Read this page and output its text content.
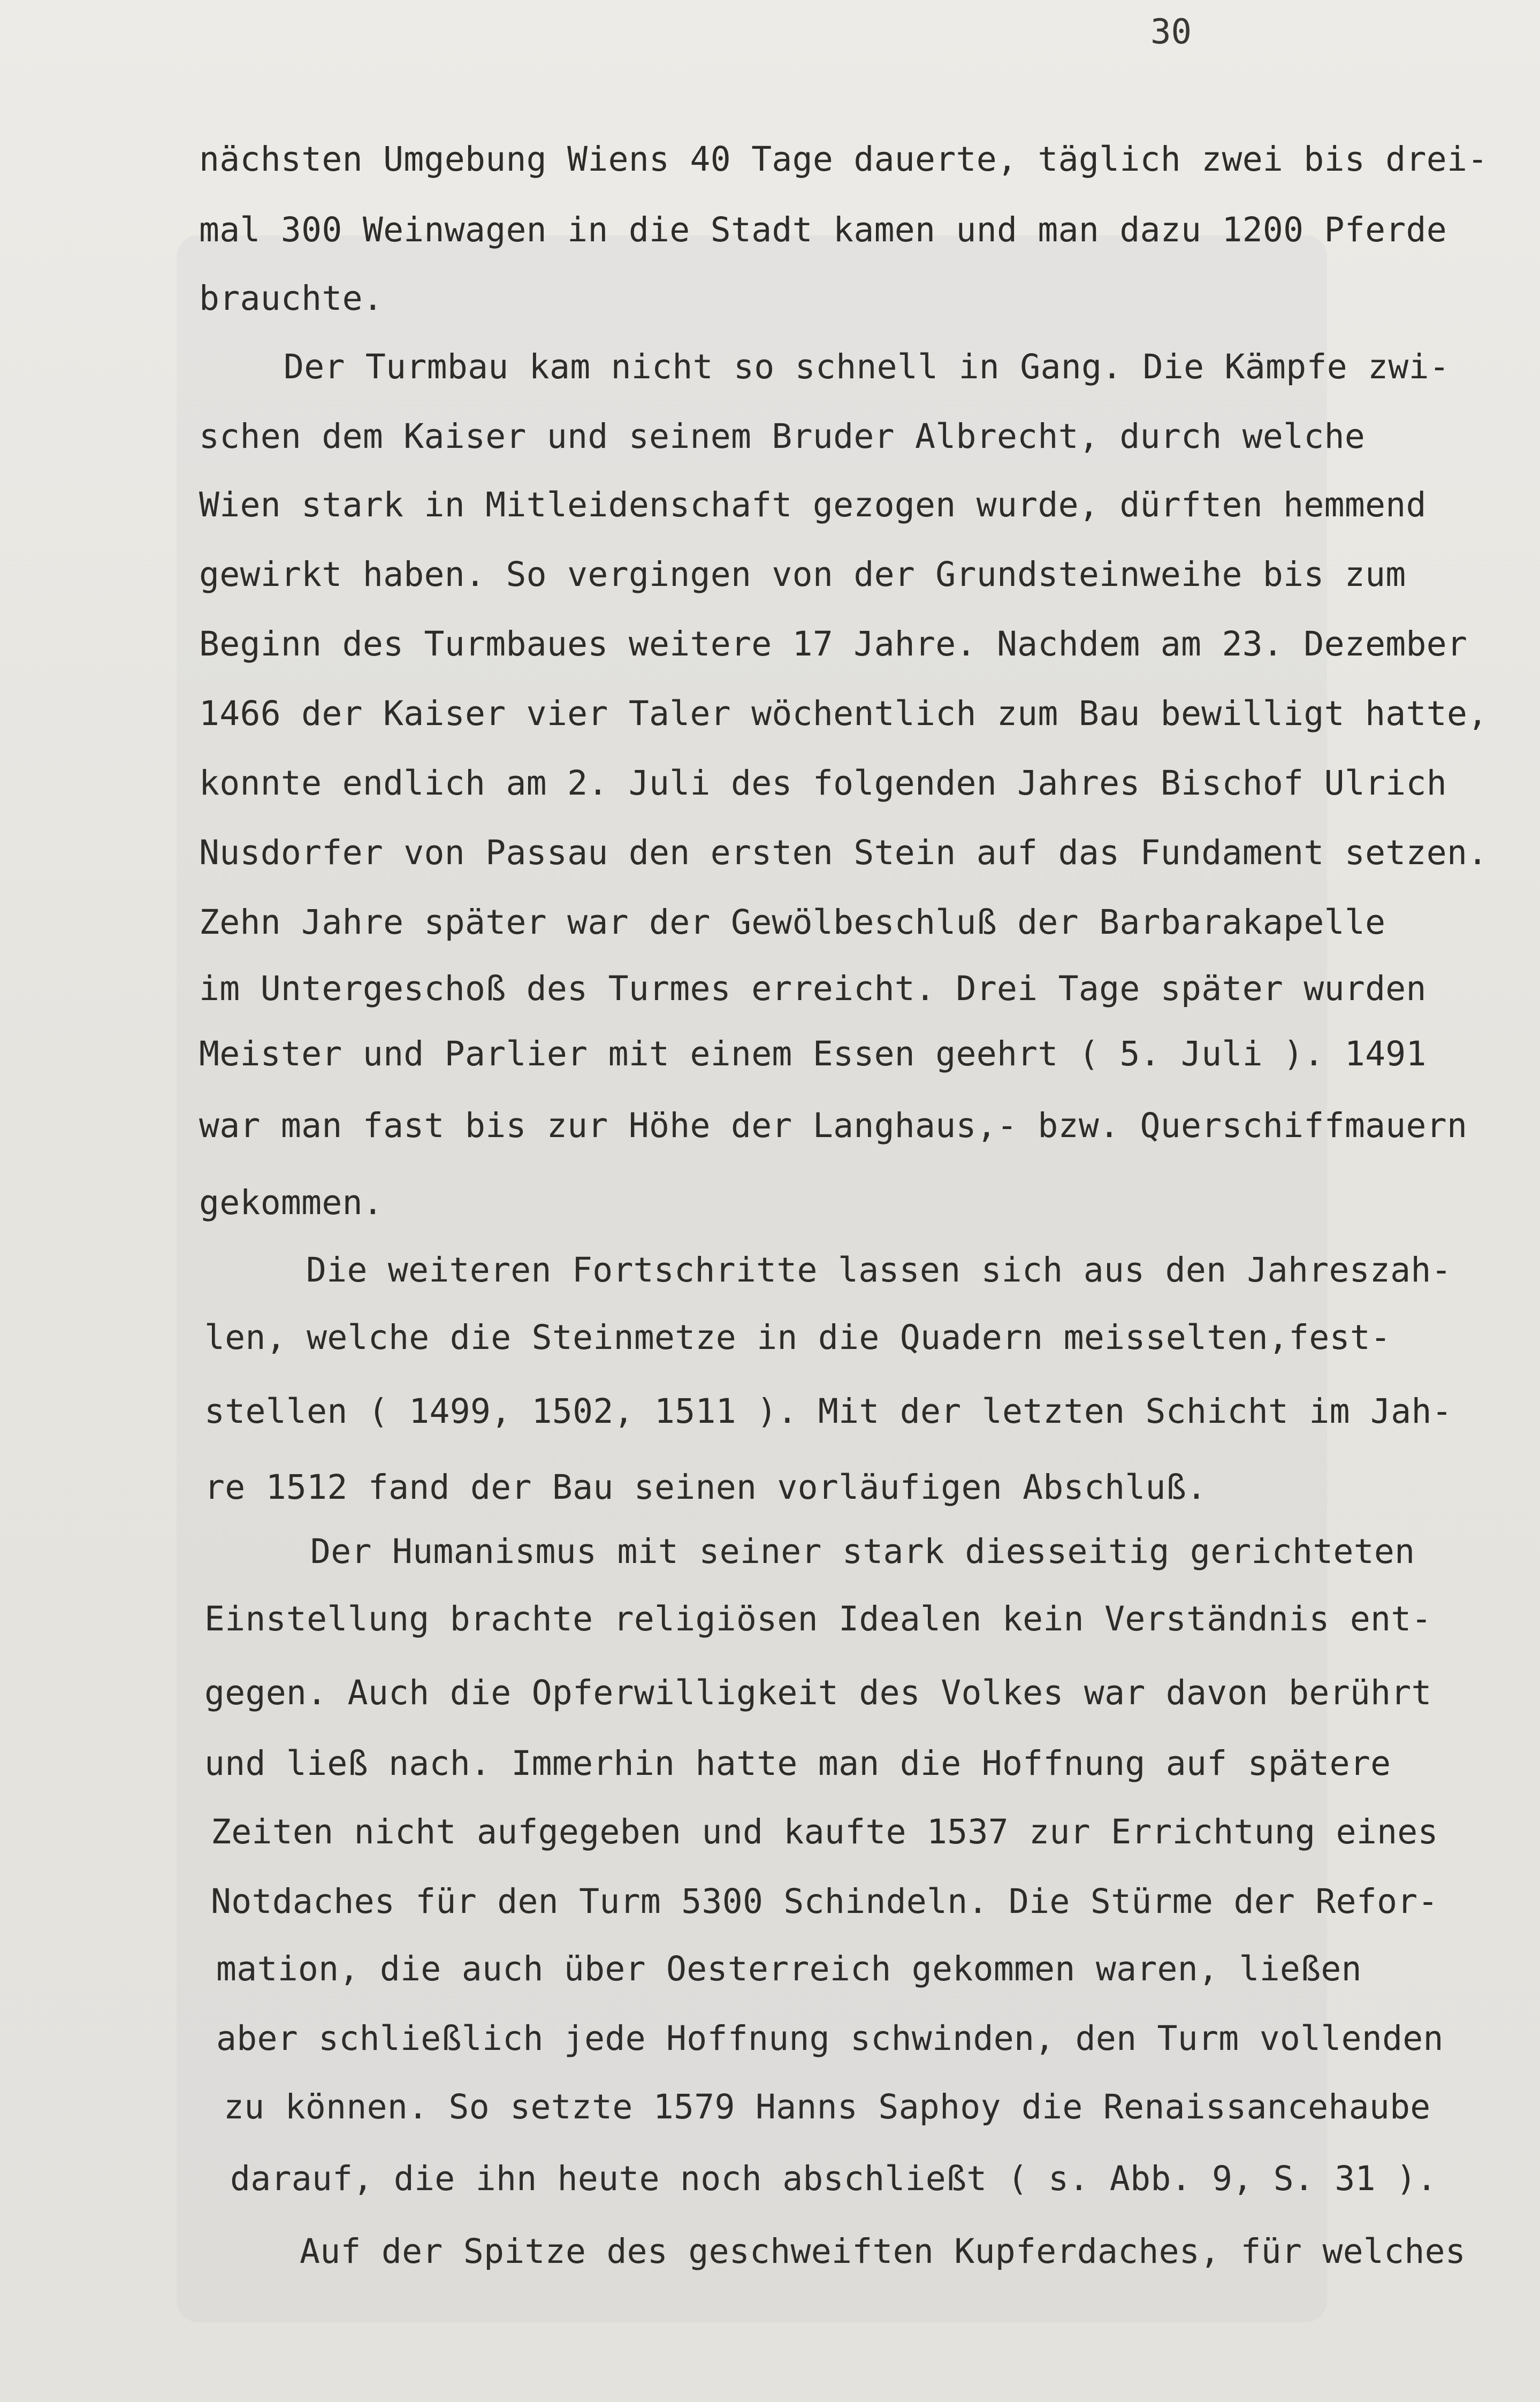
30
nächsten Umgebung Wiens 40 Tage dauerte, täglich zwei bis drei-
mal 300 Weinwagen in die Stadt kamen und man dazu 1200 Pferde
brauchte.
Der Turmbau kam nicht so schnell in Gang. Die Kämpfe zwi-
schen dem Kaiser und seinem Bruder Albrecht, durch welche
Wien stark in Mitleidenschaft gezogen wurde, dürften hemmend
gewirkt haben. So vergingen von der Grundsteinweihe bis zum
Beginn des Turmbaues weitere 17 Jahre. Nachdem am 23. Dezember
1466 der Kaiser vier Taler wöchentlich zum Bau bewilligt hatte,
konnte endlich am 2. Juli des folgenden Jahres Bischof Ulrich
Nusdorfer von Passau den ersten Stein auf das Fundament setzen.
Zehn Jahre später war der Gewölbeschluß der Barbarakapelle
im Untergeschoß des Turmes erreicht. Drei Tage später wurden
Meister und Parlier mit einem Essen geehrt ( 5. Juli ). 1491
war man fast bis zur Höhe der Langhaus,- bzw. Querschiffmauern
gekommen.
Die weiteren Fortschritte lassen sich aus den Jahreszah-
len, welche die Steinmetze in die Quadern meisselten,fest-
stellen ( 1499, 1502, 1511 ). Mit der letzten Schicht im Jah-
re 1512 fand der Bau seinen vorläufigen Abschluß.
Der Humanismus mit seiner stark diesseitig gerichteten
Einstellung brachte religiösen Idealen kein Verständnis ent-
gegen. Auch die Opferwilligkeit des Volkes war davon berührt
und ließ nach. Immerhin hatte man die Hoffnung auf spätere
Zeiten nicht aufgegeben und kaufte 1537 zur Errichtung eines
Notdaches für den Turm 5300 Schindeln. Die Stürme der Refor-
mation, die auch über Oesterreich gekommen waren, ließen
aber schließlich jede Hoffnung schwinden, den Turm vollenden
zu können. So setzte 1579 Hanns Saphoy die Renaissancehaube
darauf, die ihn heute noch abschließt ( s. Abb. 9, S. 31 ).
Auf der Spitze des geschweiften Kupferdaches, für welches
